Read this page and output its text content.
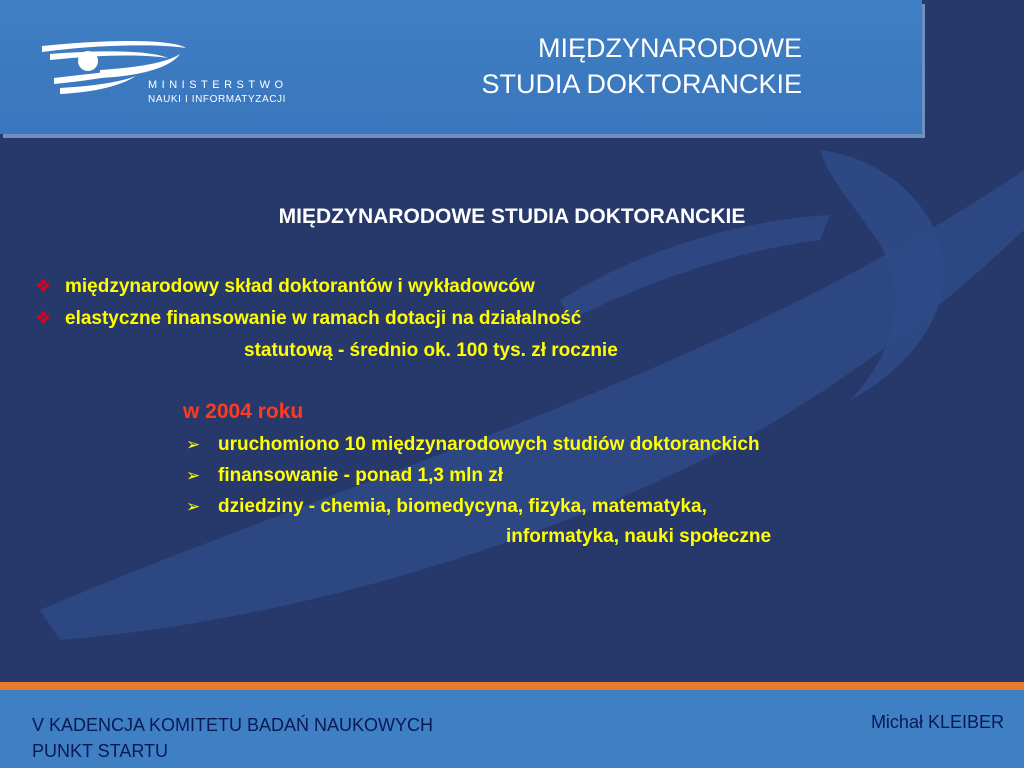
MINISTERSTWO
NAUKI I INFORMATYZACJI
MIĘDZYNARODOWE
STUDIA DOKTORANCKIE
MIĘDZYNARODOWE STUDIA DOKTORANCKIE
❖ międzynarodowy skład doktorantów i wykładowców
❖ elastyczne finansowanie w ramach dotacji na działalność
statutową - średnio ok. 100 tys. zł rocznie
w 2004 roku
➢ uruchomiono 10 międzynarodowych studiów doktoranckich
➢ finansowanie - ponad 1,3 mln zł
➢ dziedziny - chemia, biomedycyna, fizyka, matematyka,
informatyka, nauki społeczne
V KADENCJA KOMITETU BADAŃ NAUKOWYCH
PUNKT STARTU
Michał KLEIBER
